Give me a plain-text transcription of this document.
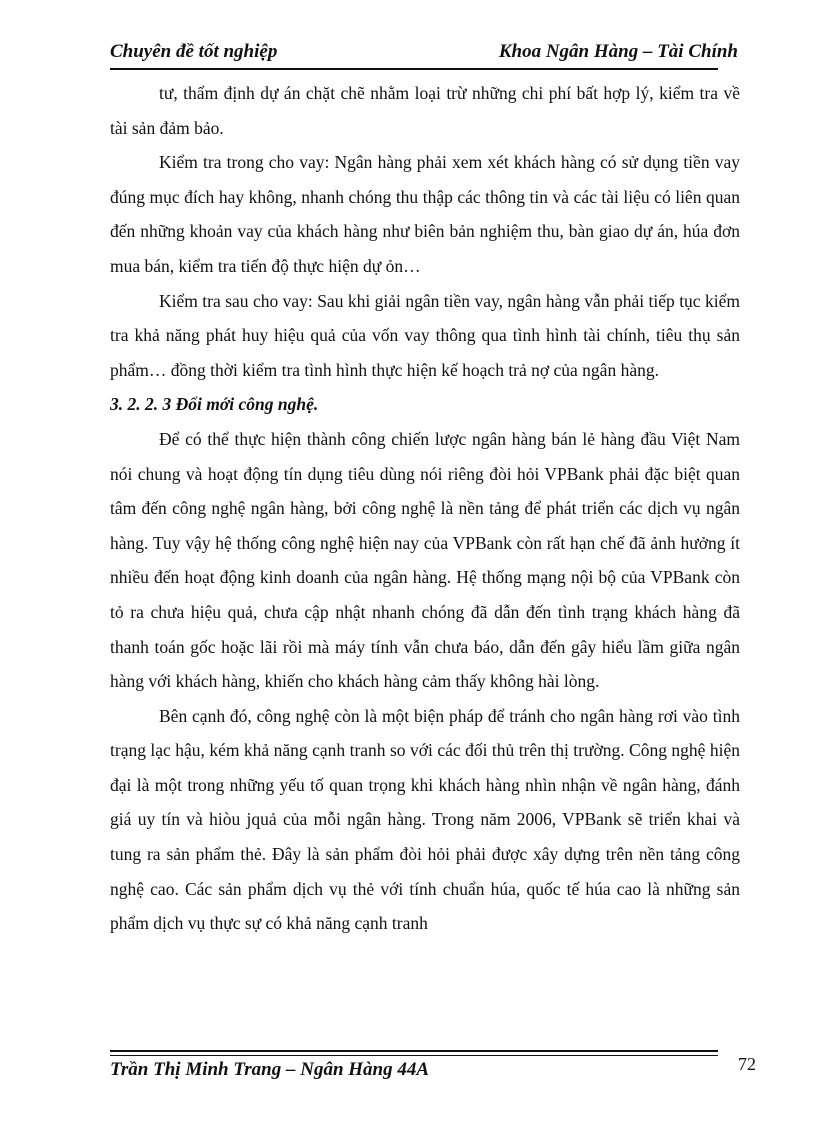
Chuyên đề tốt nghiệp	Khoa Ngân Hàng – Tài Chính

tư, thẩm định dự án chặt chẽ nhằm loại trừ những chi phí bất hợp lý, kiểm tra về tài sản đảm bảo.

Kiểm tra trong cho vay: Ngân hàng phải xem xét khách hàng có sử dụng tiền vay đúng mục đích hay không, nhanh chóng thu thập các thông tin và các tài liệu có liên quan đến những khoản vay của khách hàng như biên bản nghiệm thu, bàn giao dự án, húa đơn mua bán, kiểm tra tiến độ thực hiện dự ỏn…

Kiểm tra sau cho vay: Sau khi giải ngân tiền vay, ngân hàng vẫn phải tiếp tục kiểm tra khả năng phát huy hiệu quả của vốn vay thông qua tình hình tài chính, tiêu thụ sản phẩm… đồng thời kiểm tra tình hình thực hiện kế hoạch trả nợ của ngân hàng.

3. 2. 2. 3 Đổi mới công nghệ.

Để có thể thực hiện thành công chiến lược ngân hàng bán lẻ hàng đầu Việt Nam nói chung và hoạt động tín dụng tiêu dùng nói riêng đòi hỏi VPBank phải đặc biệt quan tâm đến công nghệ ngân hàng, bởi công nghệ là nền tảng để phát triển các dịch vụ ngân hàng. Tuy vậy hệ thống công nghệ hiện nay của VPBank còn rất hạn chế đã ảnh hưởng ít nhiều đến hoạt động kinh doanh của ngân hàng. Hệ thống mạng nội bộ của VPBank còn tỏ ra chưa hiệu quả, chưa cập nhật nhanh chóng đã dẫn đến tình trạng khách hàng đã thanh toán gốc hoặc lãi rồi mà máy tính vẫn chưa báo, dẫn đến gây hiểu lầm giữa ngân hàng với khách hàng, khiến cho khách hàng cảm thấy không hài lòng.

Bên cạnh đó, công nghệ còn là một biện pháp để tránh cho ngân hàng rơi vào tình trạng lạc hậu, kém khả năng cạnh tranh so với các đối thủ trên thị trường. Công nghệ hiện đại là một trong những yếu tố quan trọng khi khách hàng nhìn nhận về ngân hàng, đánh giá uy tín và hiòu jquả của mỗi ngân hàng. Trong năm 2006, VPBank sẽ triển khai và tung ra sản phẩm thẻ. Đây là sản phẩm đòi hỏi phải được xây dựng trên nền tảng công nghệ cao. Các sản phẩm dịch vụ thẻ với tính chuẩn húa, quốc tế húa cao là những sản phẩm dịch vụ thực sự có khả năng cạnh tranh

Trần Thị Minh Trang – Ngân Hàng 44A	72
